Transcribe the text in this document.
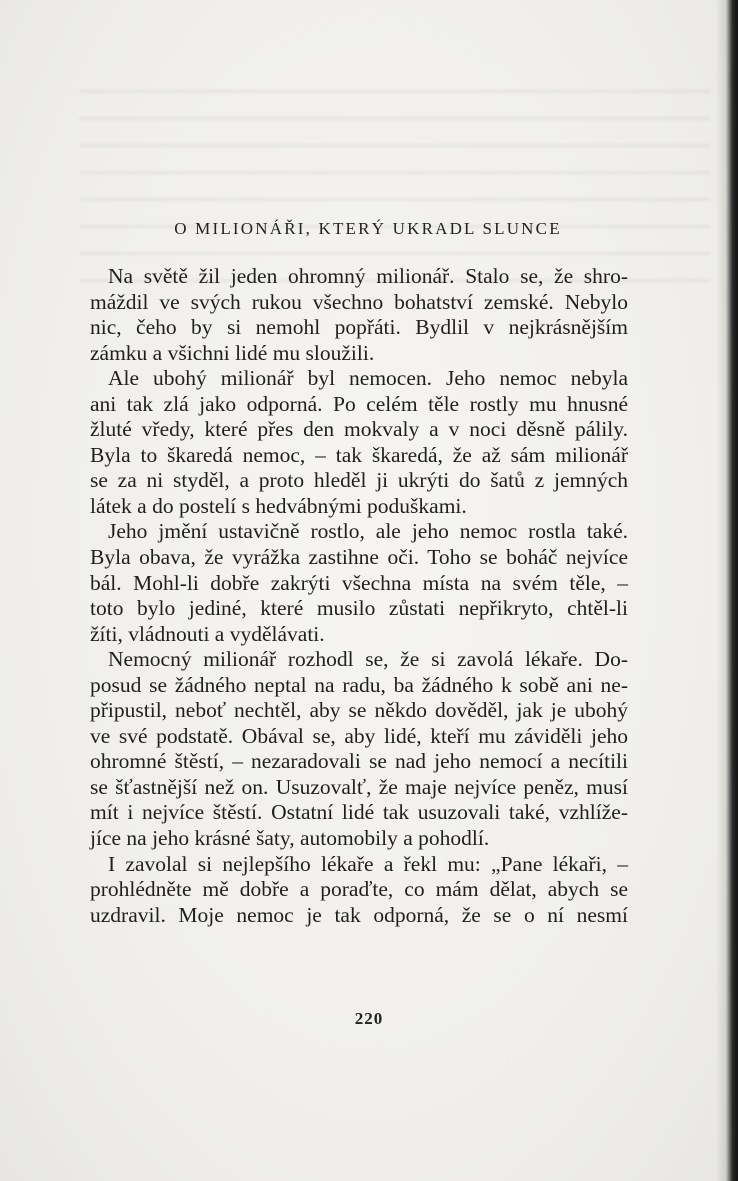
O MILIONÁŘI, KTERÝ UKRADL SLUNCE
Na světě žil jeden ohromný milionář. Stalo se, že shro-
máždil ve svých rukou všechno bohatství zemské. Nebylo
nic, čeho by si nemohl popřáti. Bydlil v nejkrásnějším
zámku a všichni lidé mu sloužili.
Ale ubohý milionář byl nemocen. Jeho nemoc nebyla
ani tak zlá jako odporná. Po celém těle rostly mu hnusné
žluté vředy, které přes den mokvaly a v noci děsně pálily.
Byla to škaredá nemoc, – tak škaredá, že až sám milionář
se za ni styděl, a proto hleděl ji ukrýti do šatů z jemných
látek a do postelí s hedvábnými poduškami.
Jeho jmění ustavičně rostlo, ale jeho nemoc rostla také.
Byla obava, že vyrážka zastihne oči. Toho se boháč nejvíce
bál. Mohl-li dobře zakrýti všechna místa na svém těle, –
toto bylo jediné, které musilo zůstati nepřikryto, chtěl-li
žíti, vládnouti a vydělávati.
Nemocný milionář rozhodl se, že si zavolá lékaře. Do-
posud se žádného neptal na radu, ba žádného k sobě ani ne-
připustil, neboť nechtěl, aby se někdo dověděl, jak je ubohý
ve své podstatě. Obával se, aby lidé, kteří mu záviděli jeho
ohromné štěstí, – nezaradovali se nad jeho nemocí a necítili
se šťastnější než on. Usuzovalť, že maje nejvíce peněz, musí
mít i nejvíce štěstí. Ostatní lidé tak usuzovali také, vzhlíže-
jíce na jeho krásné šaty, automobily a pohodlí.
I zavolal si nejlepšího lékaře a řekl mu: „Pane lékaři, –
prohlédněte mě dobře a poraďte, co mám dělat, abych se
uzdravil. Moje nemoc je tak odporná, že se o ní nesmí
220
